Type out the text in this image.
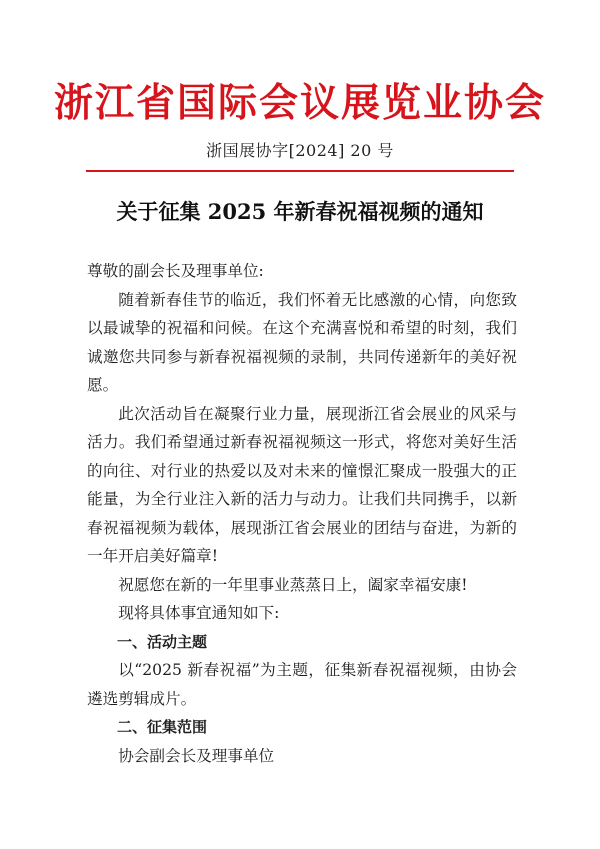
浙江省国际会议展览业协会
浙国展协字[2024] 20 号
关于征集 2025 年新春祝福视频的通知

尊敬的副会长及理事单位:

随着新春佳节的临近，我们怀着无比感激的心情，向您致以最诚挚的祝福和问候。在这个充满喜悦和希望的时刻，我们诚邀您共同参与新春祝福视频的录制，共同传递新年的美好祝愿。

此次活动旨在凝聚行业力量，展现浙江省会展业的风采与活力。我们希望通过新春祝福视频这一形式，将您对美好生活的向往、对行业的热爱以及对未来的憧憬汇聚成一股强大的正能量，为全行业注入新的活力与动力。让我们共同携手，以新春祝福视频为载体，展现浙江省会展业的团结与奋进，为新的一年开启美好篇章!

祝愿您在新的一年里事业蒸蒸日上，阖家幸福安康!

现将具体事宜通知如下:

一、活动主题

以“2025 新春祝福”为主题，征集新春祝福视频，由协会遴选剪辑成片。

二、征集范围

协会副会长及理事单位
